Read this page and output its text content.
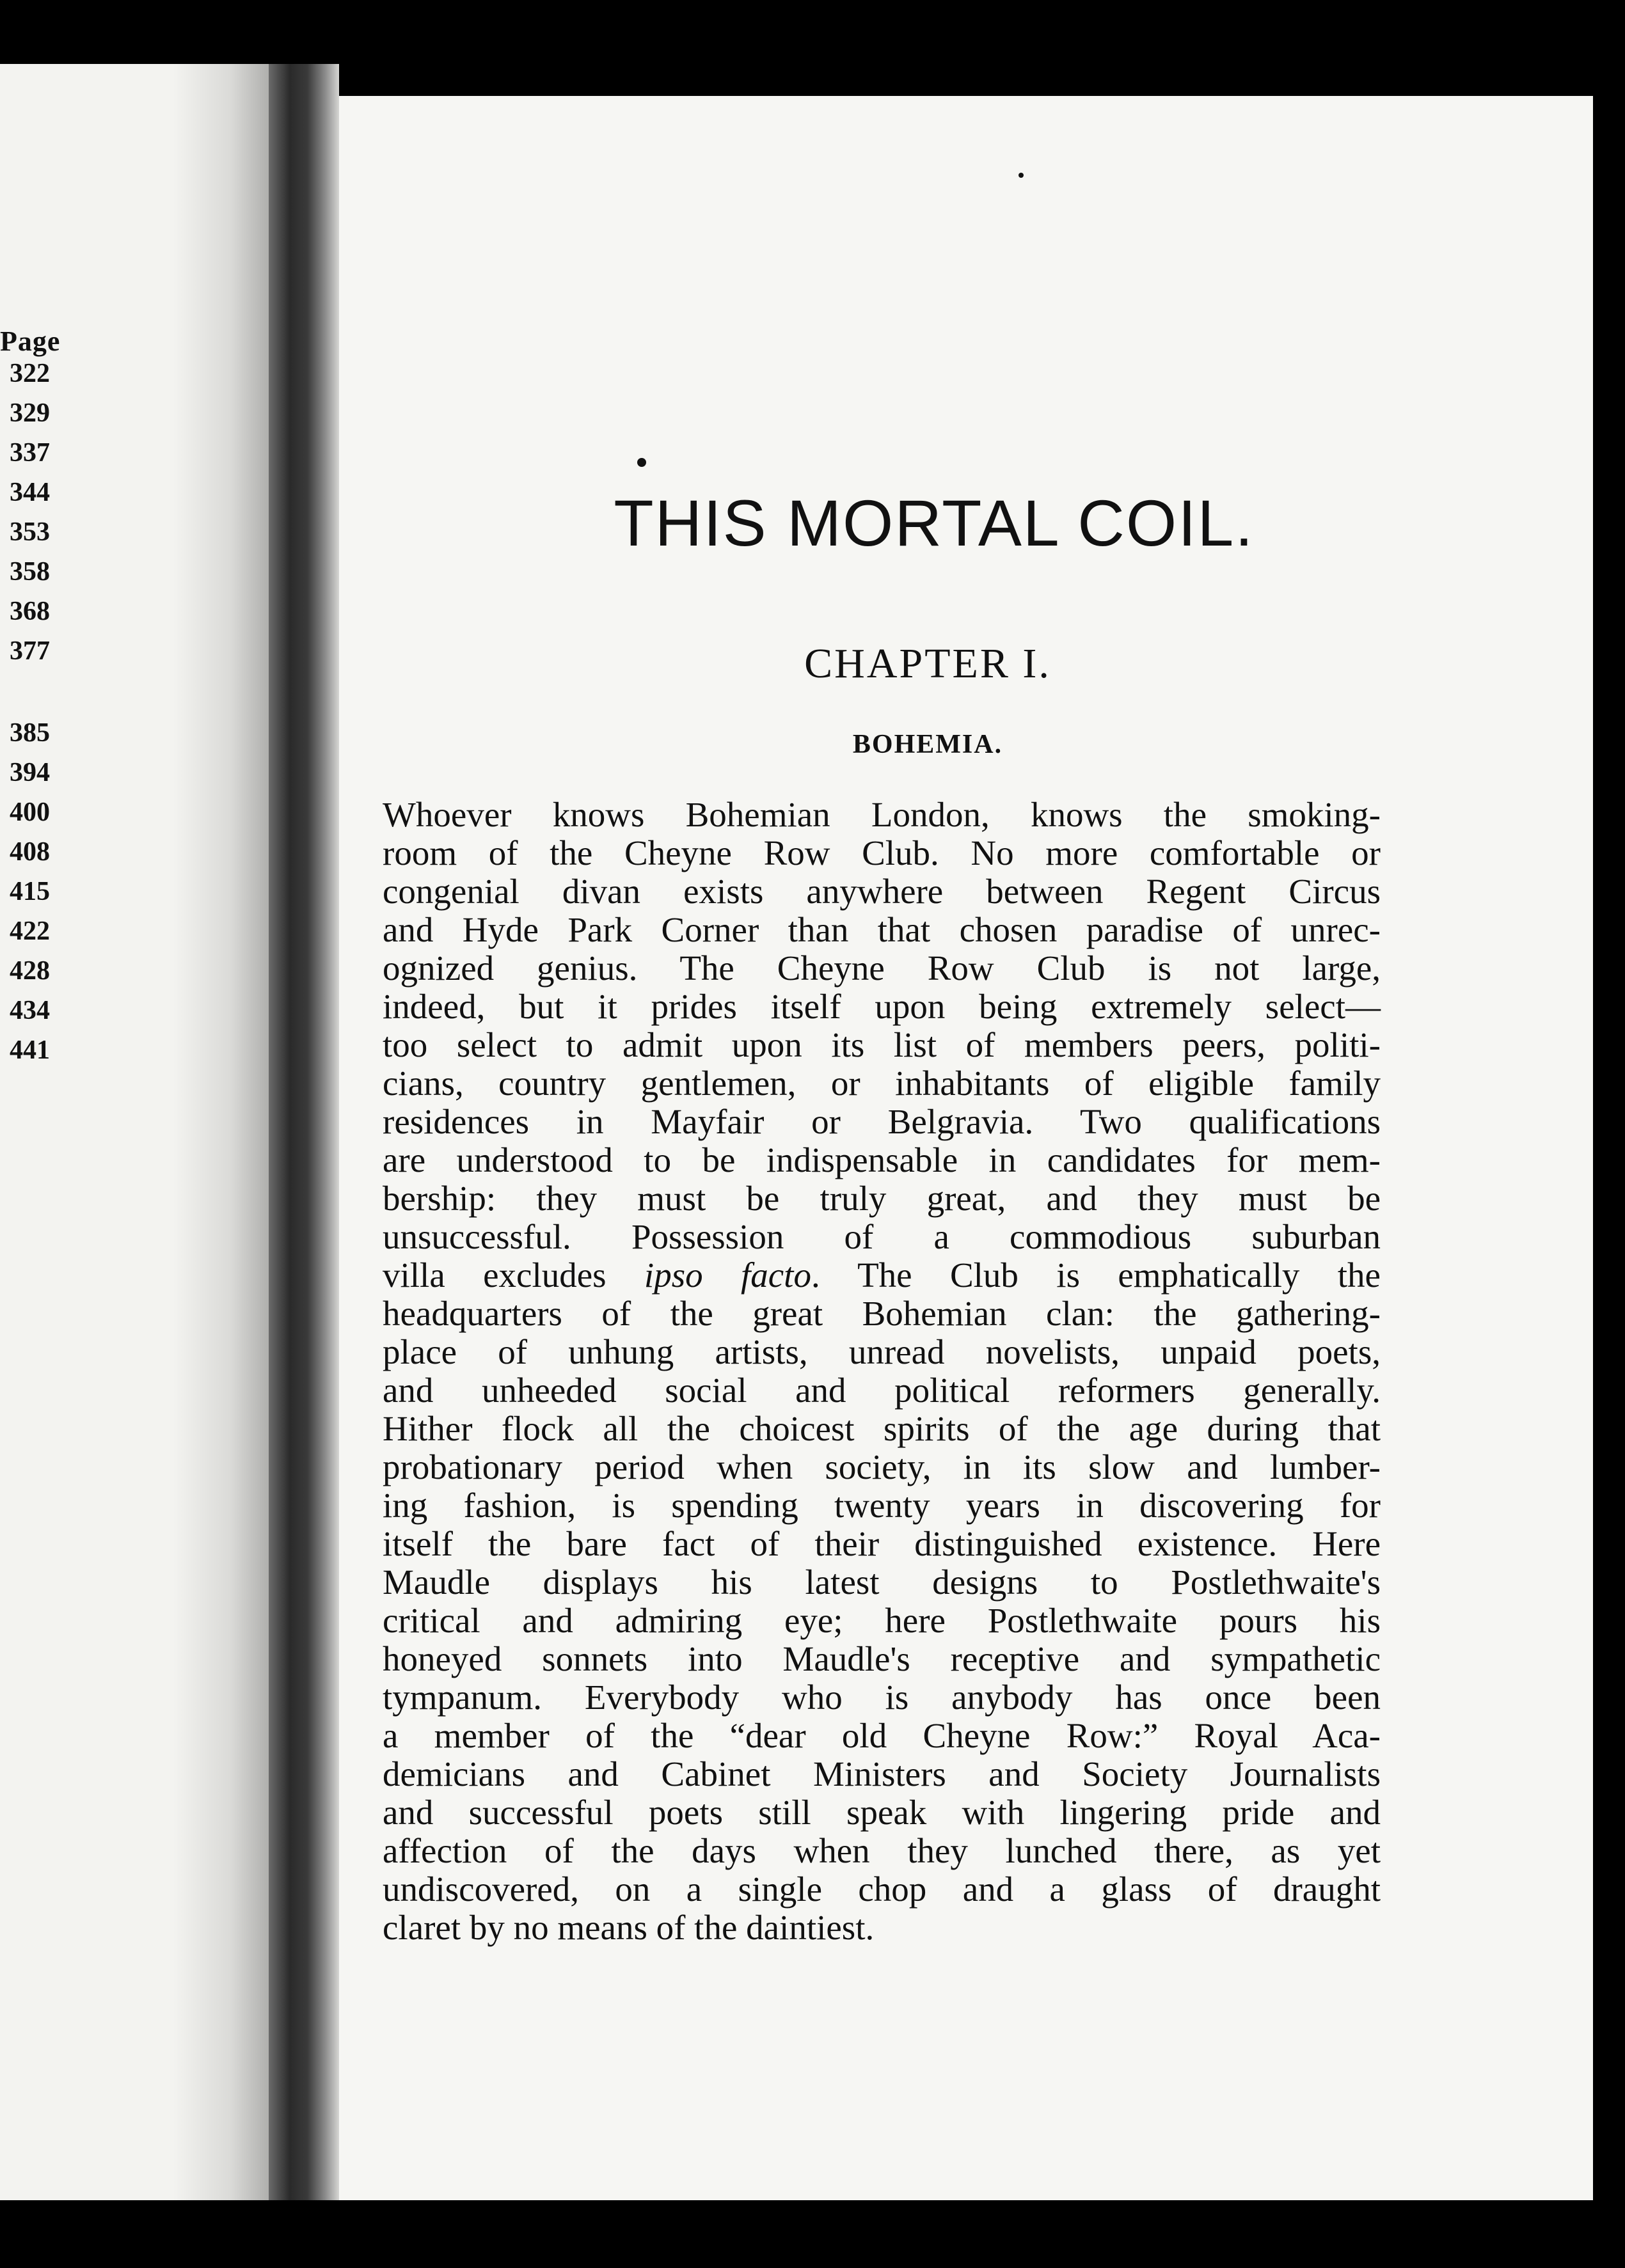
Page
322
329
337
344
353
358
368
377
385
394
400
408
415
422
428
434
441
THIS MORTAL COIL.
CHAPTER I.
BOHEMIA.
Whoever knows Bohemian London, knows the smoking-
room of the Cheyne Row Club. No more comfortable or
congenial divan exists anywhere between Regent Circus
and Hyde Park Corner than that chosen paradise of unrec-
ognized genius. The Cheyne Row Club is not large,
indeed, but it prides itself upon being extremely select—
too select to admit upon its list of members peers, politi-
cians, country gentlemen, or inhabitants of eligible family
residences in Mayfair or Belgravia. Two qualifications
are understood to be indispensable in candidates for mem-
bership: they must be truly great, and they must be
unsuccessful. Possession of a commodious suburban
villa excludes ipso facto. The Club is emphatically the
headquarters of the great Bohemian clan: the gathering-
place of unhung artists, unread novelists, unpaid poets,
and unheeded social and political reformers generally.
Hither flock all the choicest spirits of the age during that
probationary period when society, in its slow and lumber-
ing fashion, is spending twenty years in discovering for
itself the bare fact of their distinguished existence. Here
Maudle displays his latest designs to Postlethwaite's
critical and admiring eye; here Postlethwaite pours his
honeyed sonnets into Maudle's receptive and sympathetic
tympanum. Everybody who is anybody has once been
a member of the “dear old Cheyne Row:” Royal Aca-
demicians and Cabinet Ministers and Society Journalists
and successful poets still speak with lingering pride and
affection of the days when they lunched there, as yet
undiscovered, on a single chop and a glass of draught
claret by no means of the daintiest.
